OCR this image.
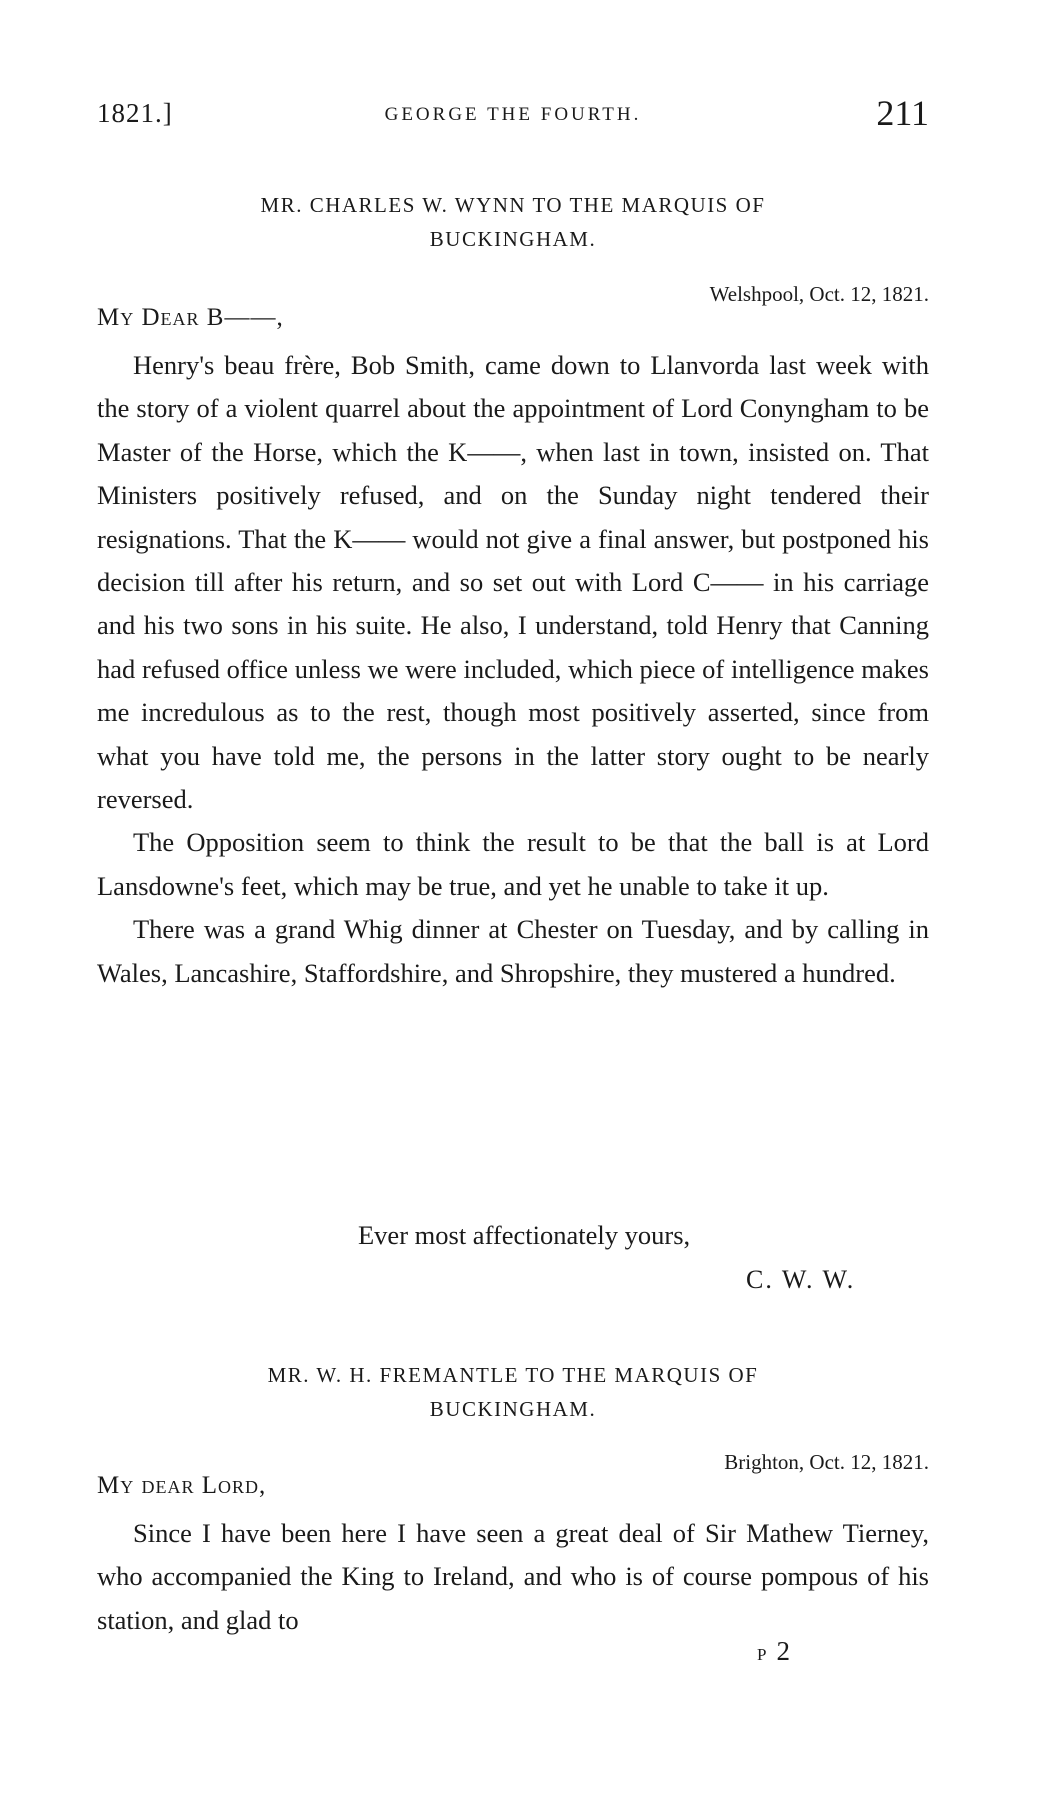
1821.]	GEORGE THE FOURTH.	211
MR. CHARLES W. WYNN TO THE MARQUIS OF
BUCKINGHAM.
Welshpool, Oct. 12, 1821.
My Dear B——,

Henry's beau frère, Bob Smith, came down to Llanvorda last week with the story of a violent quarrel about the appointment of Lord Conyngham to be Master of the Horse, which the K——, when last in town, insisted on. That Ministers positively refused, and on the Sunday night tendered their resignations. That the K—— would not give a final answer, but postponed his decision till after his return, and so set out with Lord C—— in his carriage and his two sons in his suite. He also, I understand, told Henry that Canning had refused office unless we were included, which piece of intelligence makes me incredulous as to the rest, though most positively asserted, since from what you have told me, the persons in the latter story ought to be nearly reversed.

The Opposition seem to think the result to be that the ball is at Lord Lansdowne's feet, which may be true, and yet he unable to take it up.

There was a grand Whig dinner at Chester on Tuesday, and by calling in Wales, Lancashire, Staffordshire, and Shropshire, they mustered a hundred.

Ever most affectionately yours,
C. W. W.
MR. W. H. FREMANTLE TO THE MARQUIS OF
BUCKINGHAM.
Brighton, Oct. 12, 1821.
My dear Lord,

Since I have been here I have seen a great deal of Sir Mathew Tierney, who accompanied the King to Ireland, and who is of course pompous of his station, and glad to

p 2
